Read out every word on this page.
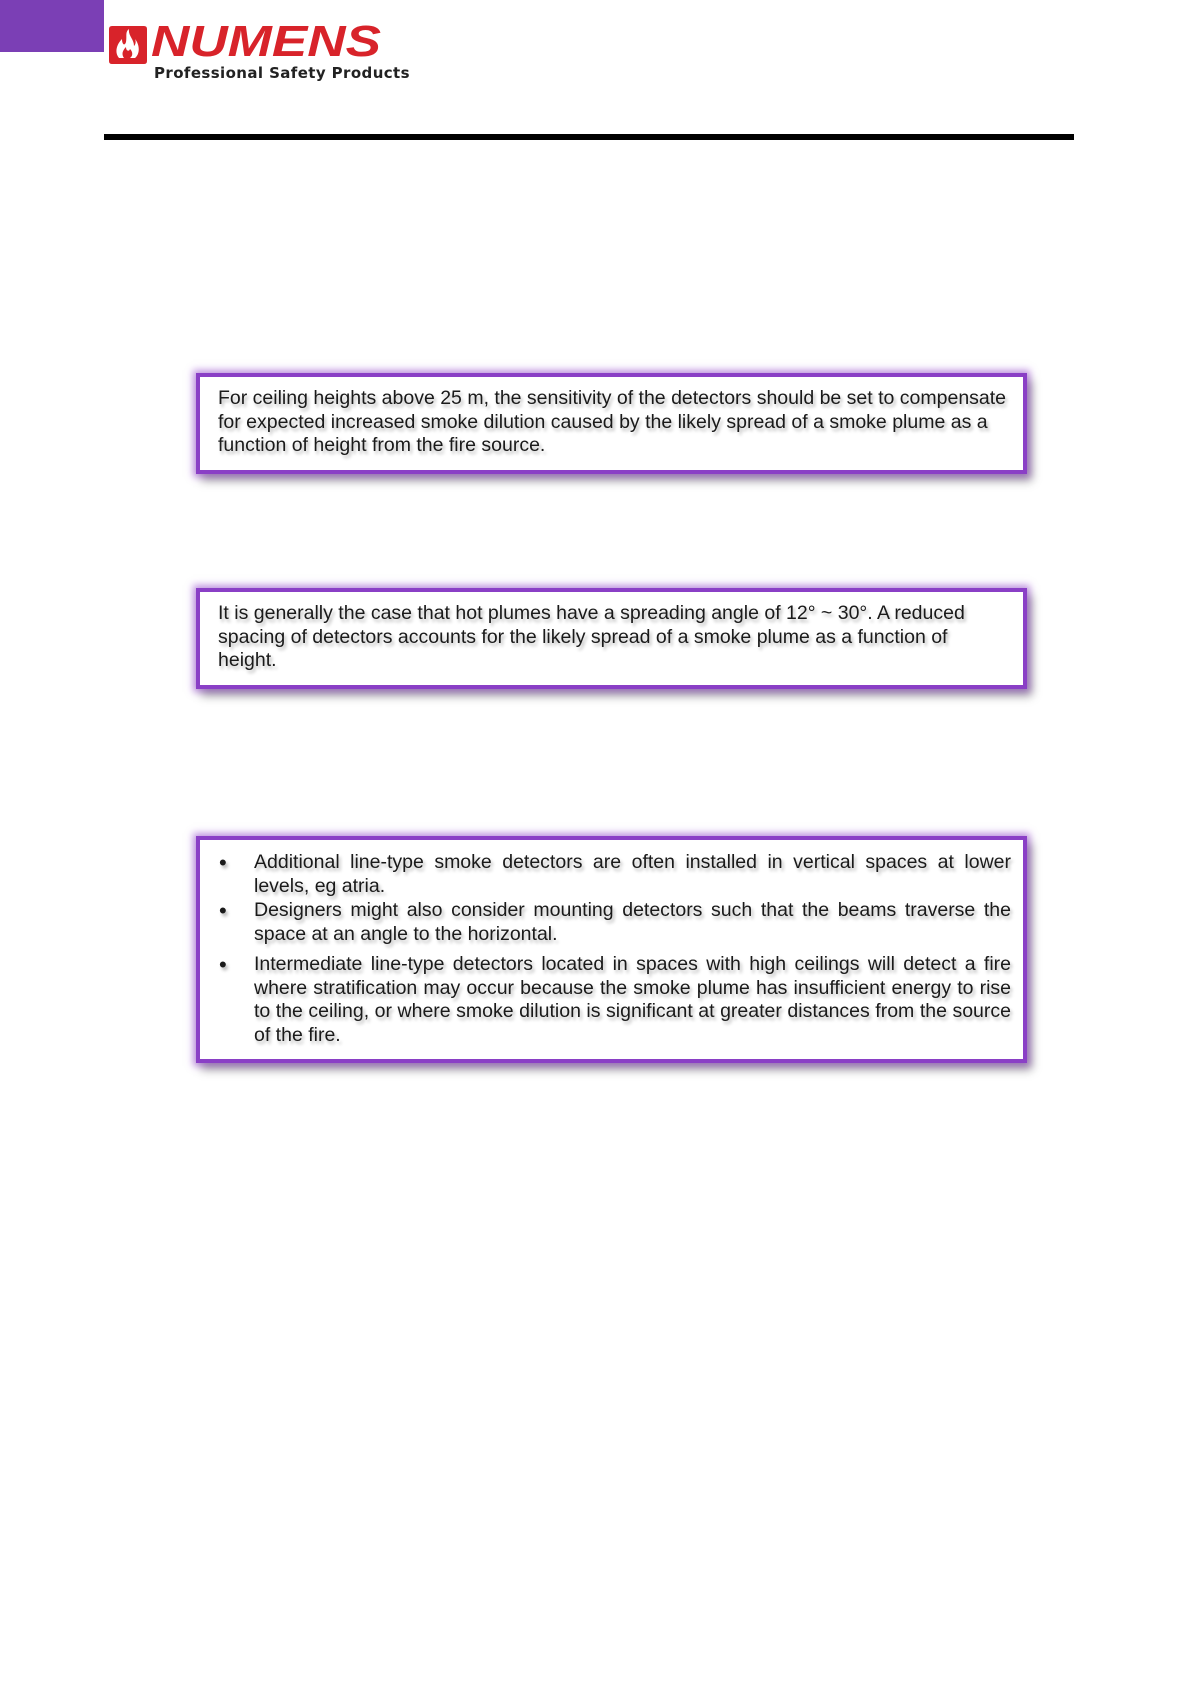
NUMENS
Professional Safety Products

For ceiling heights above 25 m, the sensitivity of the detectors should be set to compensate for expected increased smoke dilution caused by the likely spread of a smoke plume as a function of height from the fire source.

It is generally the case that hot plumes have a spreading angle of 12° ~ 30°. A reduced spacing of detectors accounts for the likely spread of a smoke plume as a function of height.

• Additional line-type smoke detectors are often installed in vertical spaces at lower levels, eg atria.
• Designers might also consider mounting detectors such that the beams traverse the space at an angle to the horizontal.
• Intermediate line-type detectors located in spaces with high ceilings will detect a fire where stratification may occur because the smoke plume has insufficient energy to rise to the ceiling, or where smoke dilution is significant at greater distances from the source of the fire.
